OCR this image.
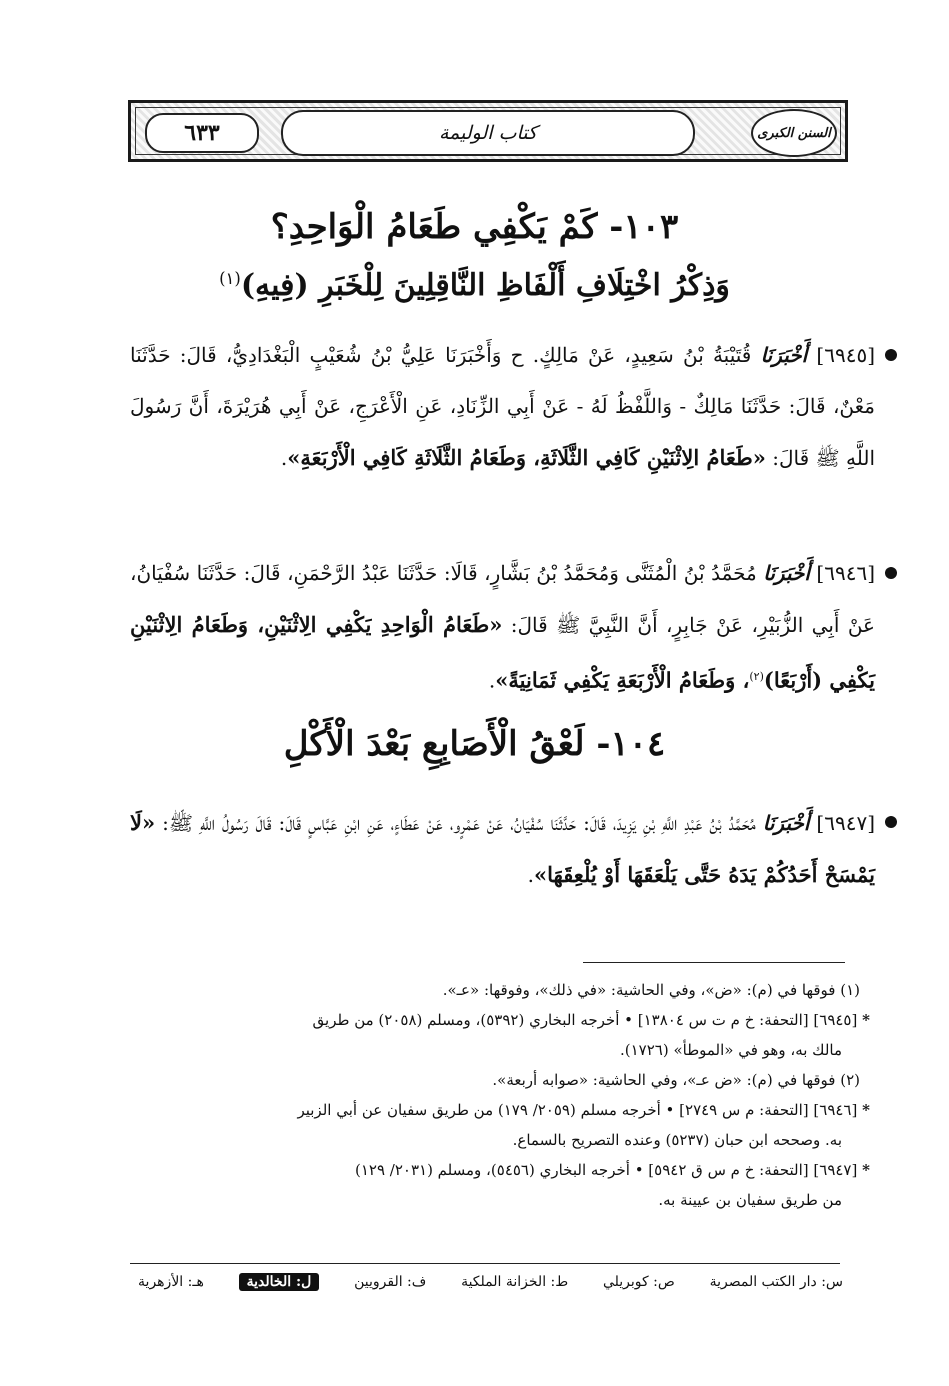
٦٣٣	كتاب الوليمة	السنن الكبرى
١٠٣- كَمْ يَكْفِي طَعَامُ الْوَاحِدِ؟
وَذِكْرُ اخْتِلَافِ أَلْفَاظِ النَّاقِلِينَ لِلْخَبَرِ (فِيهِ)$^{(١)}$
[٦٩٤٥] أَخْبَرَنَا قُتَيْبَةُ بْنُ سَعِيدٍ، عَنْ مَالِكٍ. ح وَأَخْبَرَنَا عَلِيُّ بْنُ شُعَيْبٍ الْبَغْدَادِيُّ، قَالَ: حَدَّثَنَا مَعْنٌ، قَالَ: حَدَّثَنَا مَالِكٌ - وَاللَّفْظُ لَهُ - عَنْ أَبِي الزِّنَادِ، عَنِ الْأَعْرَجِ، عَنْ أَبِي هُرَيْرَةَ، أَنَّ رَسُولَ اللَّهِ ﷺ قَالَ: «طَعَامُ الِاثْنَيْنِ كَافِي الثَّلَاثَةِ، وَطَعَامُ الثَّلَاثَةِ كَافِي الْأَرْبَعَةِ».
[٦٩٤٦] أَخْبَرَنَا مُحَمَّدُ بْنُ الْمُثَنَّى وَمُحَمَّدُ بْنُ بَشَّارٍ، قَالَا: حَدَّثَنَا عَبْدُ الرَّحْمَنِ، قَالَ: حَدَّثَنَا سُفْيَانُ، عَنْ أَبِي الزُّبَيْرِ، عَنْ جَابِرٍ، أَنَّ النَّبِيَّ ﷺ قَالَ: «طَعَامُ الْوَاحِدِ يَكْفِي الِاثْنَيْنِ، وَطَعَامُ الِاثْنَيْنِ يَكْفِي (أَرْبَعًا)$^{(٢)}$، وَطَعَامُ الْأَرْبَعَةِ يَكْفِي ثَمَانِيَةً».
١٠٤- لَعْقُ الْأَصَابِعِ بَعْدَ الْأَكْلِ
[٦٩٤٧] أَخْبَرَنَا مُحَمَّدُ بْنُ عَبْدِ اللَّهِ بْنِ يَزِيدَ، قَالَ: حَدَّثَنَا سُفْيَانُ، عَنْ عَمْرٍو، عَنْ عَطَاءٍ، عَنِ ابْنِ عَبَّاسٍ قَالَ: قَالَ رَسُولُ اللَّهِ ﷺ: «لَا يَمْسَحْ أَحَدُكُمْ يَدَهُ حَتَّى يَلْعَقَهَا أَوْ يُلْعِقَهَا».
(١) فوقها في (م): «ض»، وفي الحاشية: «في ذلك»، وفوقها: «عـ».
* [٦٩٤٥] [التحفة: خ م ت س ١٣٨٠٤] • أخرجه البخاري (٥٣٩٢)، ومسلم (٢٠٥٨) من طريق
مالك به، وهو في «الموطأ» (١٧٢٦).
(٢) فوقها في (م): «ض عـ»، وفي الحاشية: «صوابه أربعة».
* [٦٩٤٦] [التحفة: م س ٢٧٤٩] • أخرجه مسلم (٢٠٥٩/ ١٧٩) من طريق سفيان عن أبي الزبير
به. وصححه ابن حبان (٥٢٣٧) وعنده التصريح بالسماع.
* [٦٩٤٧] [التحفة: خ م س ق ٥٩٤٢] • أخرجه البخاري (٥٤٥٦)، ومسلم (٢٠٣١/ ١٢٩)
من طريق سفيان بن عيينة به.
س: دار الكتب المصرية
ص: كوبريلي
ط: الخزانة الملكية
ف: القرويين
ل: الخالدية
هـ: الأزهرية
